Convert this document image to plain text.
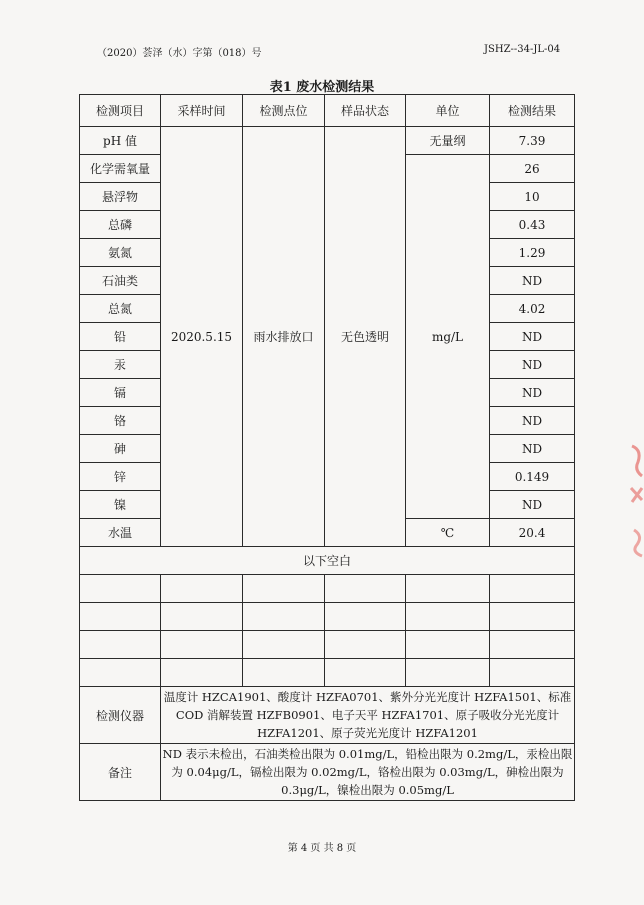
（2020）荟泽（水）字第（018）号	JSHZ--34-JL-04
表1 废水检测结果
检测项目	采样时间	检测点位	样品状态	单位	检测结果
pH 值	2020.5.15	雨水排放口	无色透明	无量纲	7.39
化学需氧量				mg/L	26
悬浮物					10
总磷					0.43
氨氮					1.29
石油类					ND
总氮					4.02
铅					ND
汞					ND
镉					ND
铬					ND
砷					ND
锌					0.149
镍					ND
水温				℃	20.4
以下空白					

检测仪器	温度计 HZCA1901、酸度计 HZFA0701、紫外分光光度计 HZFA1501、标准 COD 消解装置 HZFB0901、电子天平 HZFA1701、原子吸收分光光度计 HZFA1201、原子荧光光度计 HZFA1201				
备注	ND 表示未检出，石油类检出限为 0.01mg/L，铅检出限为 0.2mg/L，汞检出限为 0.04μg/L，镉检出限为 0.02mg/L，铬检出限为 0.03mg/L，砷检出限为 0.3μg/L，镍检出限为 0.05mg/L				
第 4 页 共 8 页
